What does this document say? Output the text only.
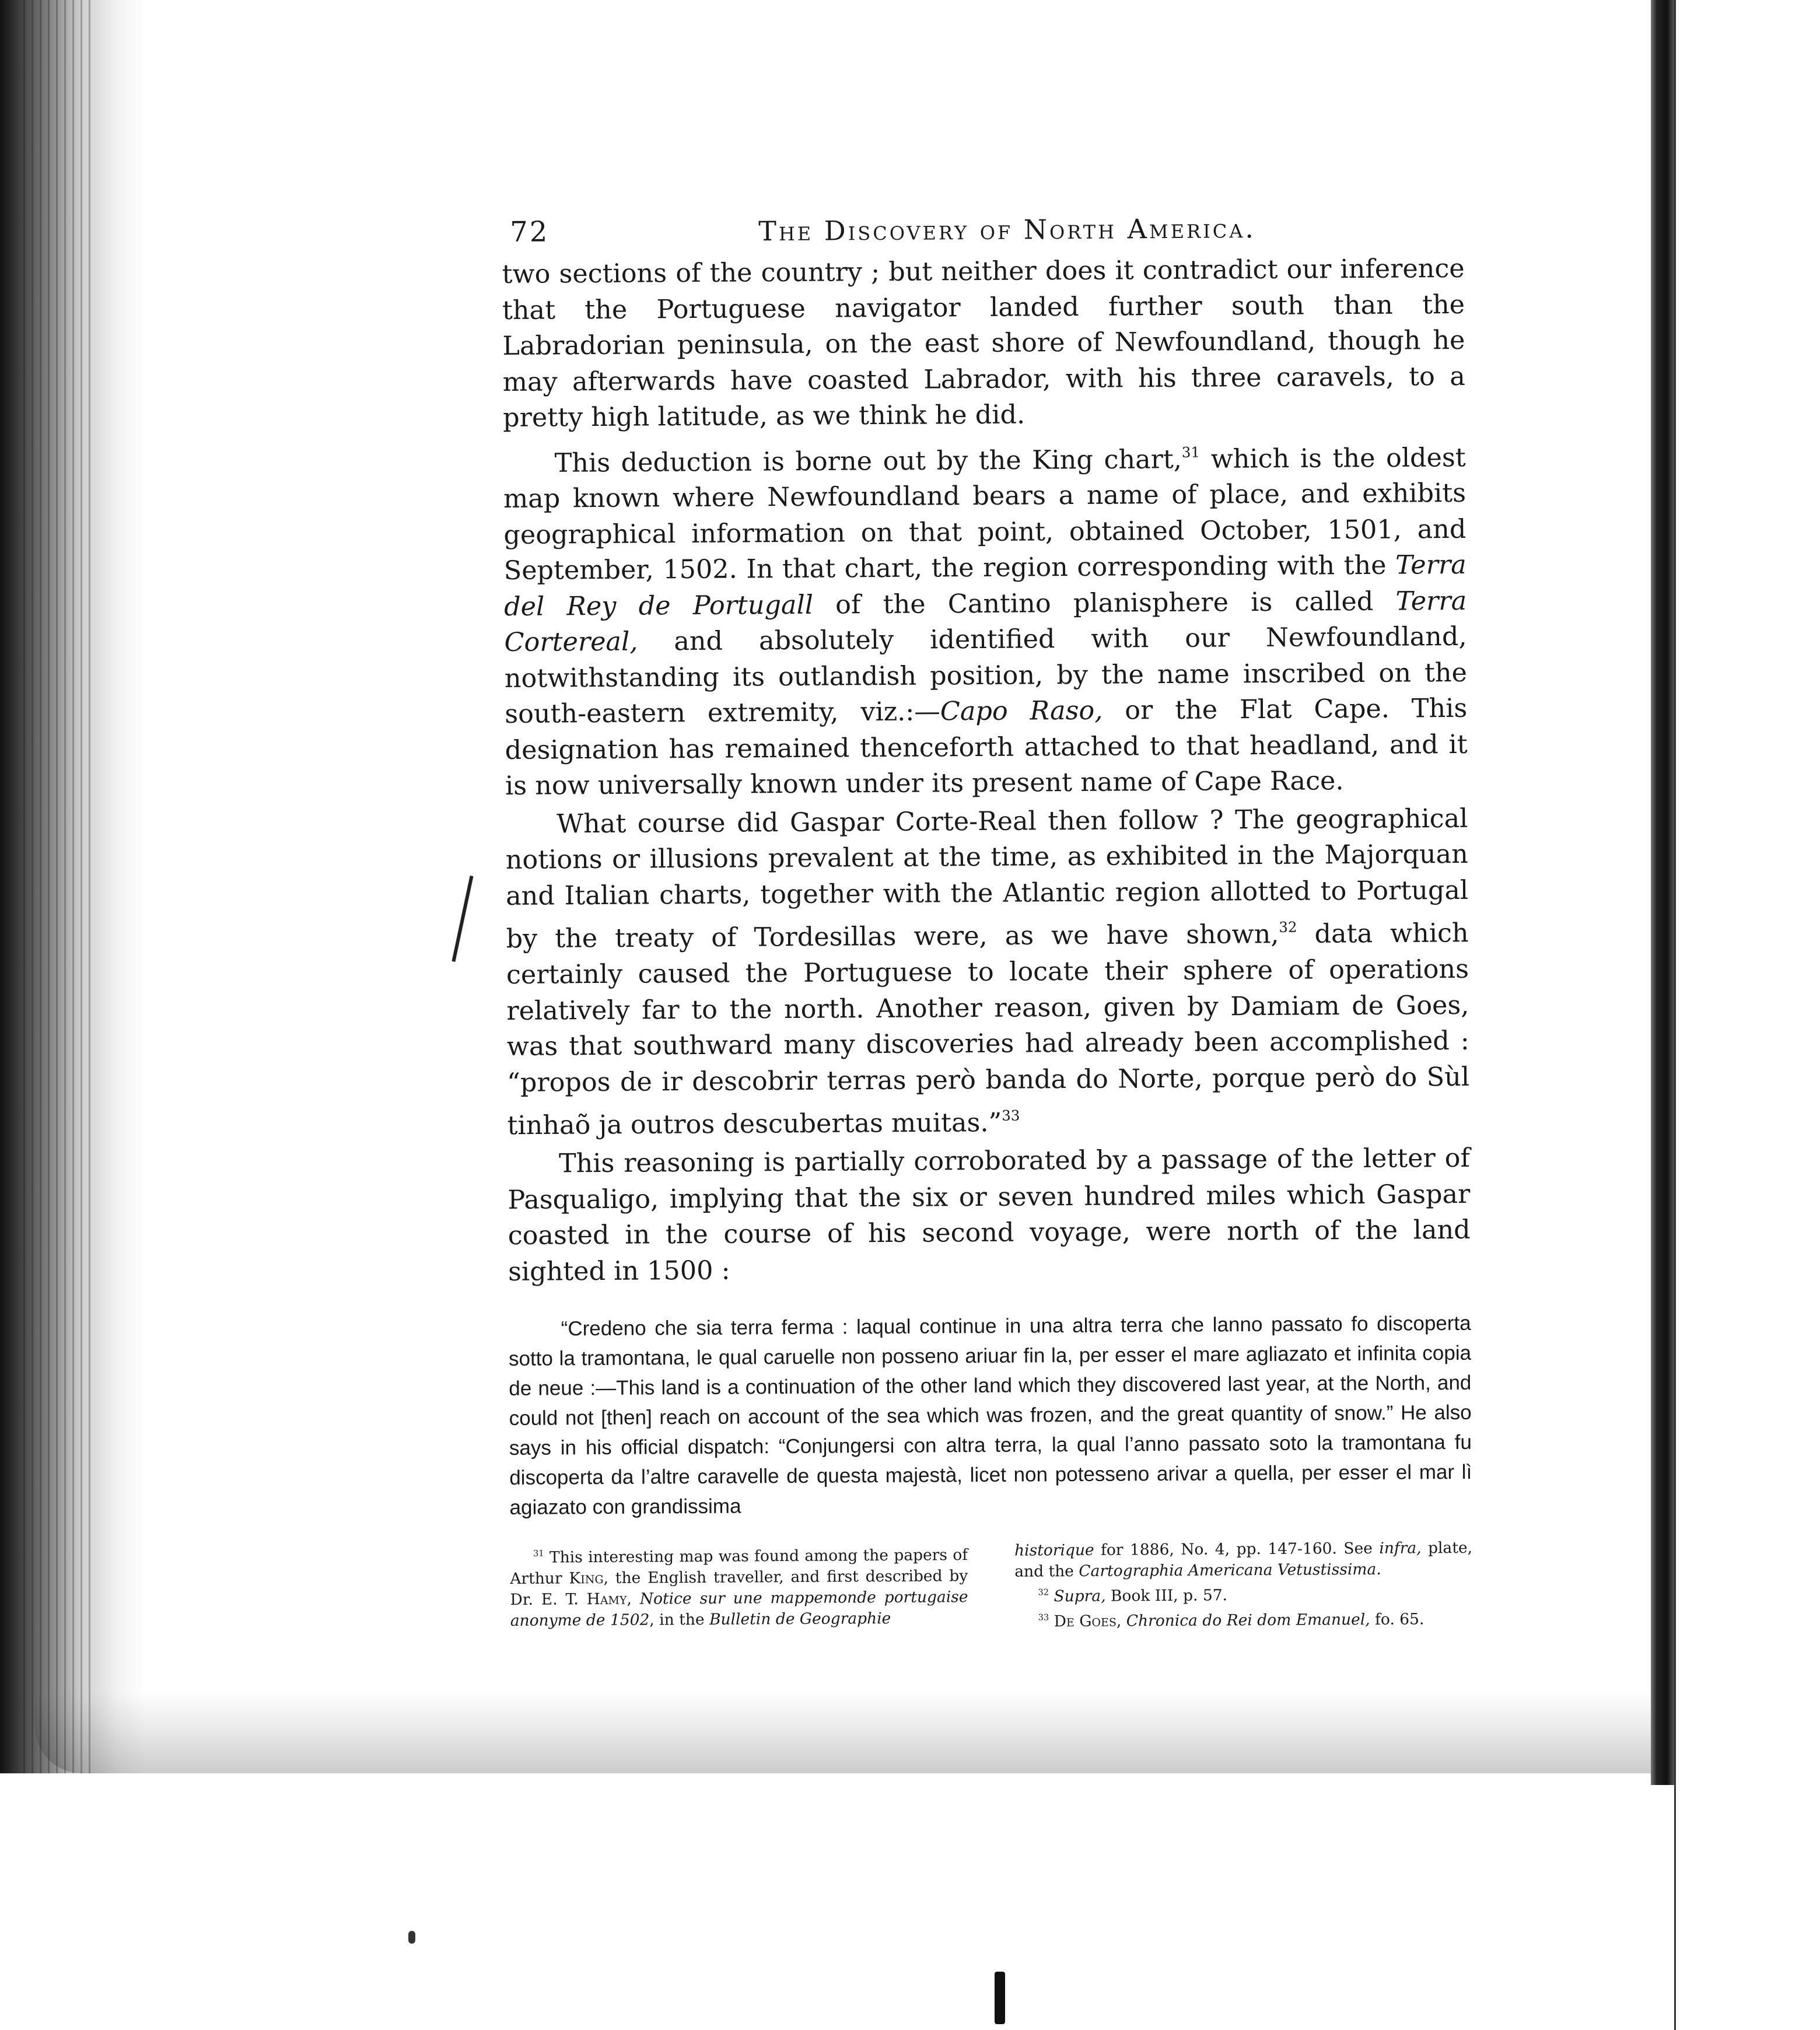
72	The Discovery of North America.

two sections of the country ; but neither does it contradict our inference that the Portuguese navigator landed further south than the Labradorian peninsula, on the east shore of Newfoundland, though he may afterwards have coasted Labrador, with his three caravels, to a pretty high latitude, as we think he did.

This deduction is borne out by the King chart,$^{31}$ which is the oldest map known where Newfoundland bears a name of place, and exhibits geographical information on that point, obtained October, 1501, and September, 1502. In that chart, the region corresponding with the Terra del Rey de Portugall of the Cantino planisphere is called Terra Cortereal, and absolutely identified with our Newfoundland, notwithstanding its outlandish position, by the name inscribed on the south-eastern extremity, viz.:—Capo Raso, or the Flat Cape. This designation has remained thenceforth attached to that headland, and it is now universally known under its present name of Cape Race.

What course did Gaspar Corte-Real then follow ? The geographical notions or illusions prevalent at the time, as exhibited in the Majorquan and Italian charts, together with the Atlantic region allotted to Portugal by the treaty of Tordesillas were, as we have shown,$^{32}$ data which certainly caused the Portuguese to locate their sphere of operations relatively far to the north. Another reason, given by Damiam de Goes, was that southward many discoveries had already been accomplished : “propos de ir descobrir terras però banda do Norte, porque però do Sùl tinhaõ ja outros descubertas muitas.”$^{33}$

This reasoning is partially corroborated by a passage of the letter of Pasqualigo, implying that the six or seven hundred miles which Gaspar coasted in the course of his second voyage, were north of the land sighted in 1500 :

“Credeno che sia terra ferma : laqual continue in una altra terra che lanno passato fo discoperta sotto la tramontana, le qual caruelle non posseno ariuar fin la, per esser el mare agliazato et infinita copia de neue :—This land is a continuation of the other land which they discovered last year, at the North, and could not [then] reach on account of the sea which was frozen, and the great quantity of snow.” He also says in his official dispatch: “Conjungersi con altra terra, la qual l’anno passato soto la tramontana fu discoperta da l’altre caravelle de questa majestà, licet non potesseno arivar a quella, per esser el mar lì agiazato con grandissima

$^{31}$ This interesting map was found among the papers of Arthur King, the English traveller, and first described by Dr. E. T. Hamy, Notice sur une mappemonde portugaise anonyme de 1502, in the Bulletin de Geographie

historique for 1886, No. 4, pp. 147-160. See infra, plate, and the Cartographia Americana Vetustissima.

$^{32}$ Supra, Book III, p. 57.

$^{33}$ De Goes, Chronica do Rei dom Emanuel, fo. 65.
